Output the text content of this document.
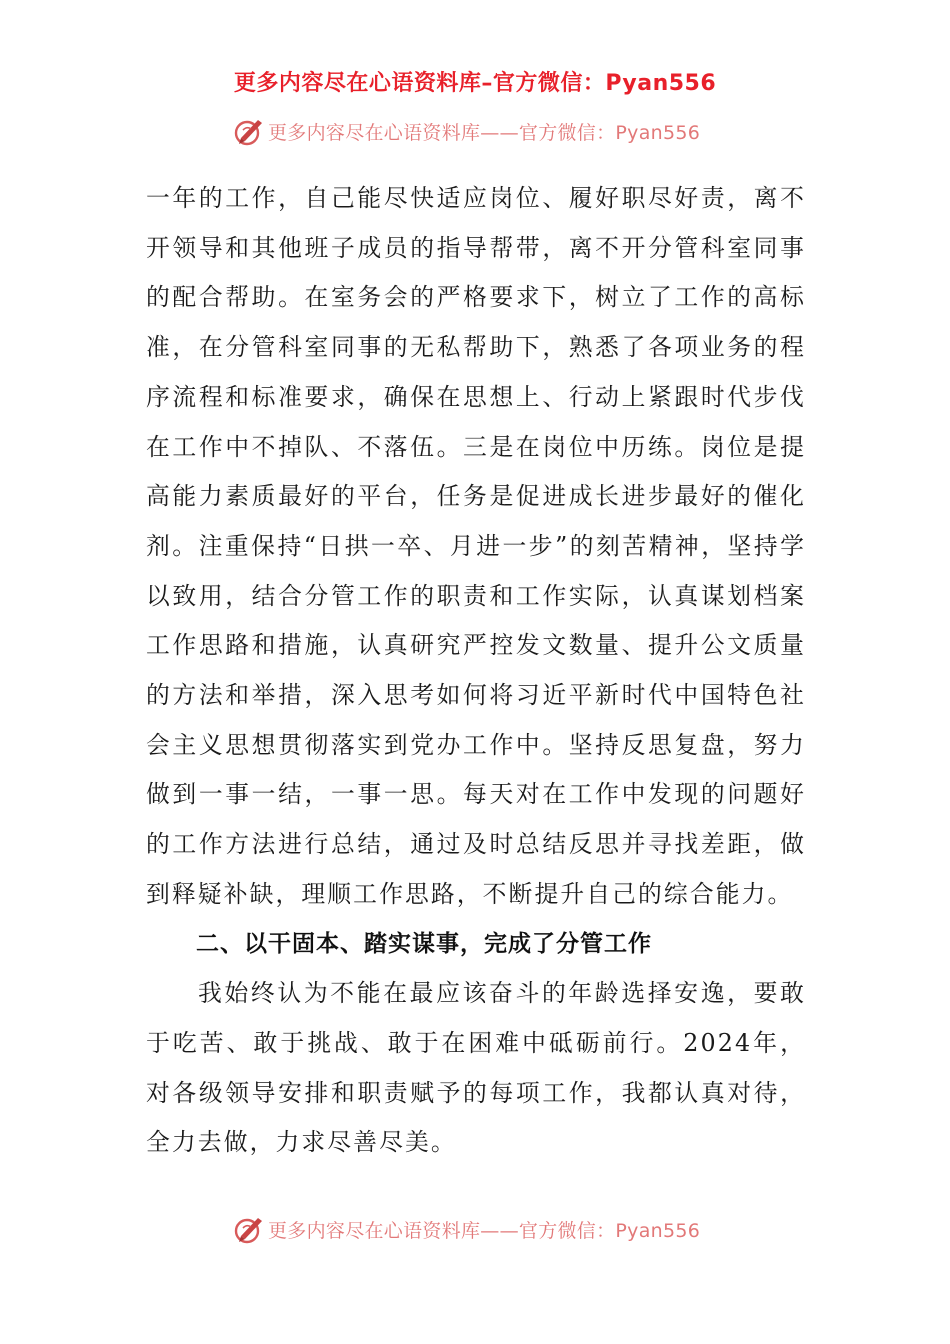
更多内容尽在心语资料库–官方微信：Pyan556
更多内容尽在心语资料库——官方微信：Pyan556

一年的工作，自己能尽快适应岗位、履好职尽好责，离不开领导和其他班子成员的指导帮带，离不开分管科室同事的配合帮助。在室务会的严格要求下，树立了工作的高标准，在分管科室同事的无私帮助下，熟悉了各项业务的程序流程和标准要求，确保在思想上、行动上紧跟时代步伐在工作中不掉队、不落伍。三是在岗位中历练。岗位是提高能力素质最好的平台，任务是促进成长进步最好的催化剂。注重保持“日拱一卒、月进一步”的刻苦精神，坚持学以致用，结合分管工作的职责和工作实际，认真谋划档案工作思路和措施，认真研究严控发文数量、提升公文质量的方法和举措，深入思考如何将习近平新时代中国特色社会主义思想贯彻落实到党办工作中。坚持反思复盘，努力做到一事一结，一事一思。每天对在工作中发现的问题好的工作方法进行总结，通过及时总结反思并寻找差距，做到释疑补缺，理顺工作思路，不断提升自己的综合能力。

二、以干固本、踏实谋事，完成了分管工作

我始终认为不能在最应该奋斗的年龄选择安逸，要敢于吃苦、敢于挑战、敢于在困难中砥砺前行。2024年，对各级领导安排和职责赋予的每项工作，我都认真对待，全力去做，力求尽善尽美。

更多内容尽在心语资料库——官方微信：Pyan556
